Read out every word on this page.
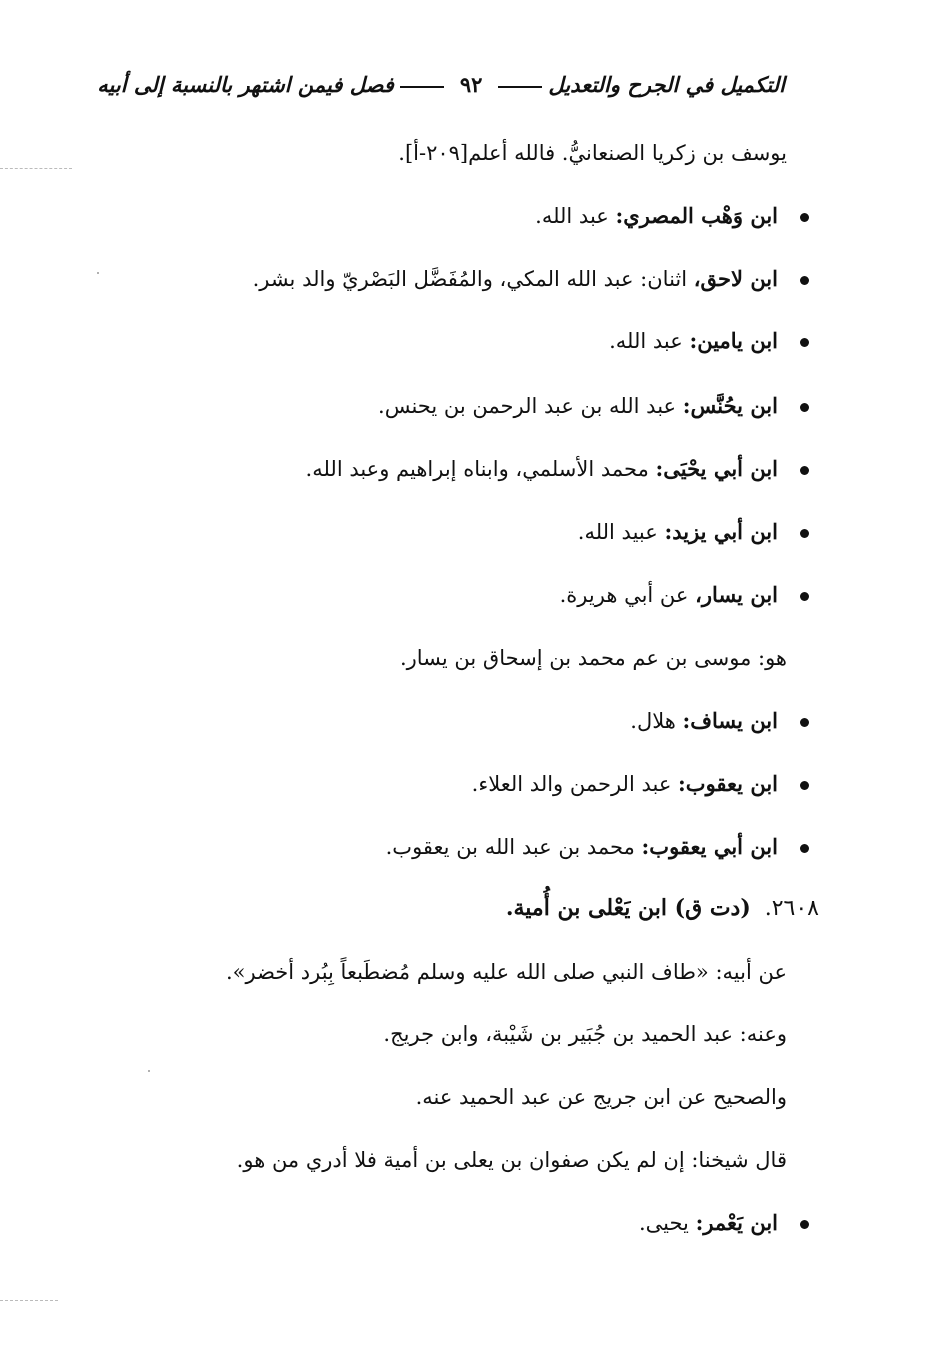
التكميل في الجرح والتعديل٩٢فصل فيمن اشتهر بالنسبة إلى أبيه
يوسف بن زكريا الصنعانيُّ. فالله أعلم[٢٠٩-أ].
ابن وَهْب المصري: عبد الله.
ابن لاحق، اثنان: عبد الله المكي، والمُفَضَّل البَصْريّ والد بشر.
ابن يامين: عبد الله.
ابن يحُنَّس: عبد الله بن عبد الرحمن بن يحنس.
ابن أبي يحْيَى: محمد الأسلمي، وابناه إبراهيم وعبد الله.
ابن أبي يزيد: عبيد الله.
ابن يسار، عن أبي هريرة.
هو: موسى بن عم محمد بن إسحاق بن يسار.
ابن يساف: هلال.
ابن يعقوب: عبد الرحمن والد العلاء.
ابن أبي يعقوب: محمد بن عبد الله بن يعقوب.
٢٦٠٨.(دت ق) ابن يَعْلى بن أُمية.
عن أبيه: «طاف النبي صلى الله عليه وسلم مُضطَبعاً بِبُرد أخضر».
وعنه: عبد الحميد بن جُبَير بن شَيْبة، وابن جريج.
والصحيح عن ابن جريج عن عبد الحميد عنه.
قال شيخنا: إن لم يكن صفوان بن يعلى بن أمية فلا أدري من هو.
ابن يَعْمر: يحيى.
